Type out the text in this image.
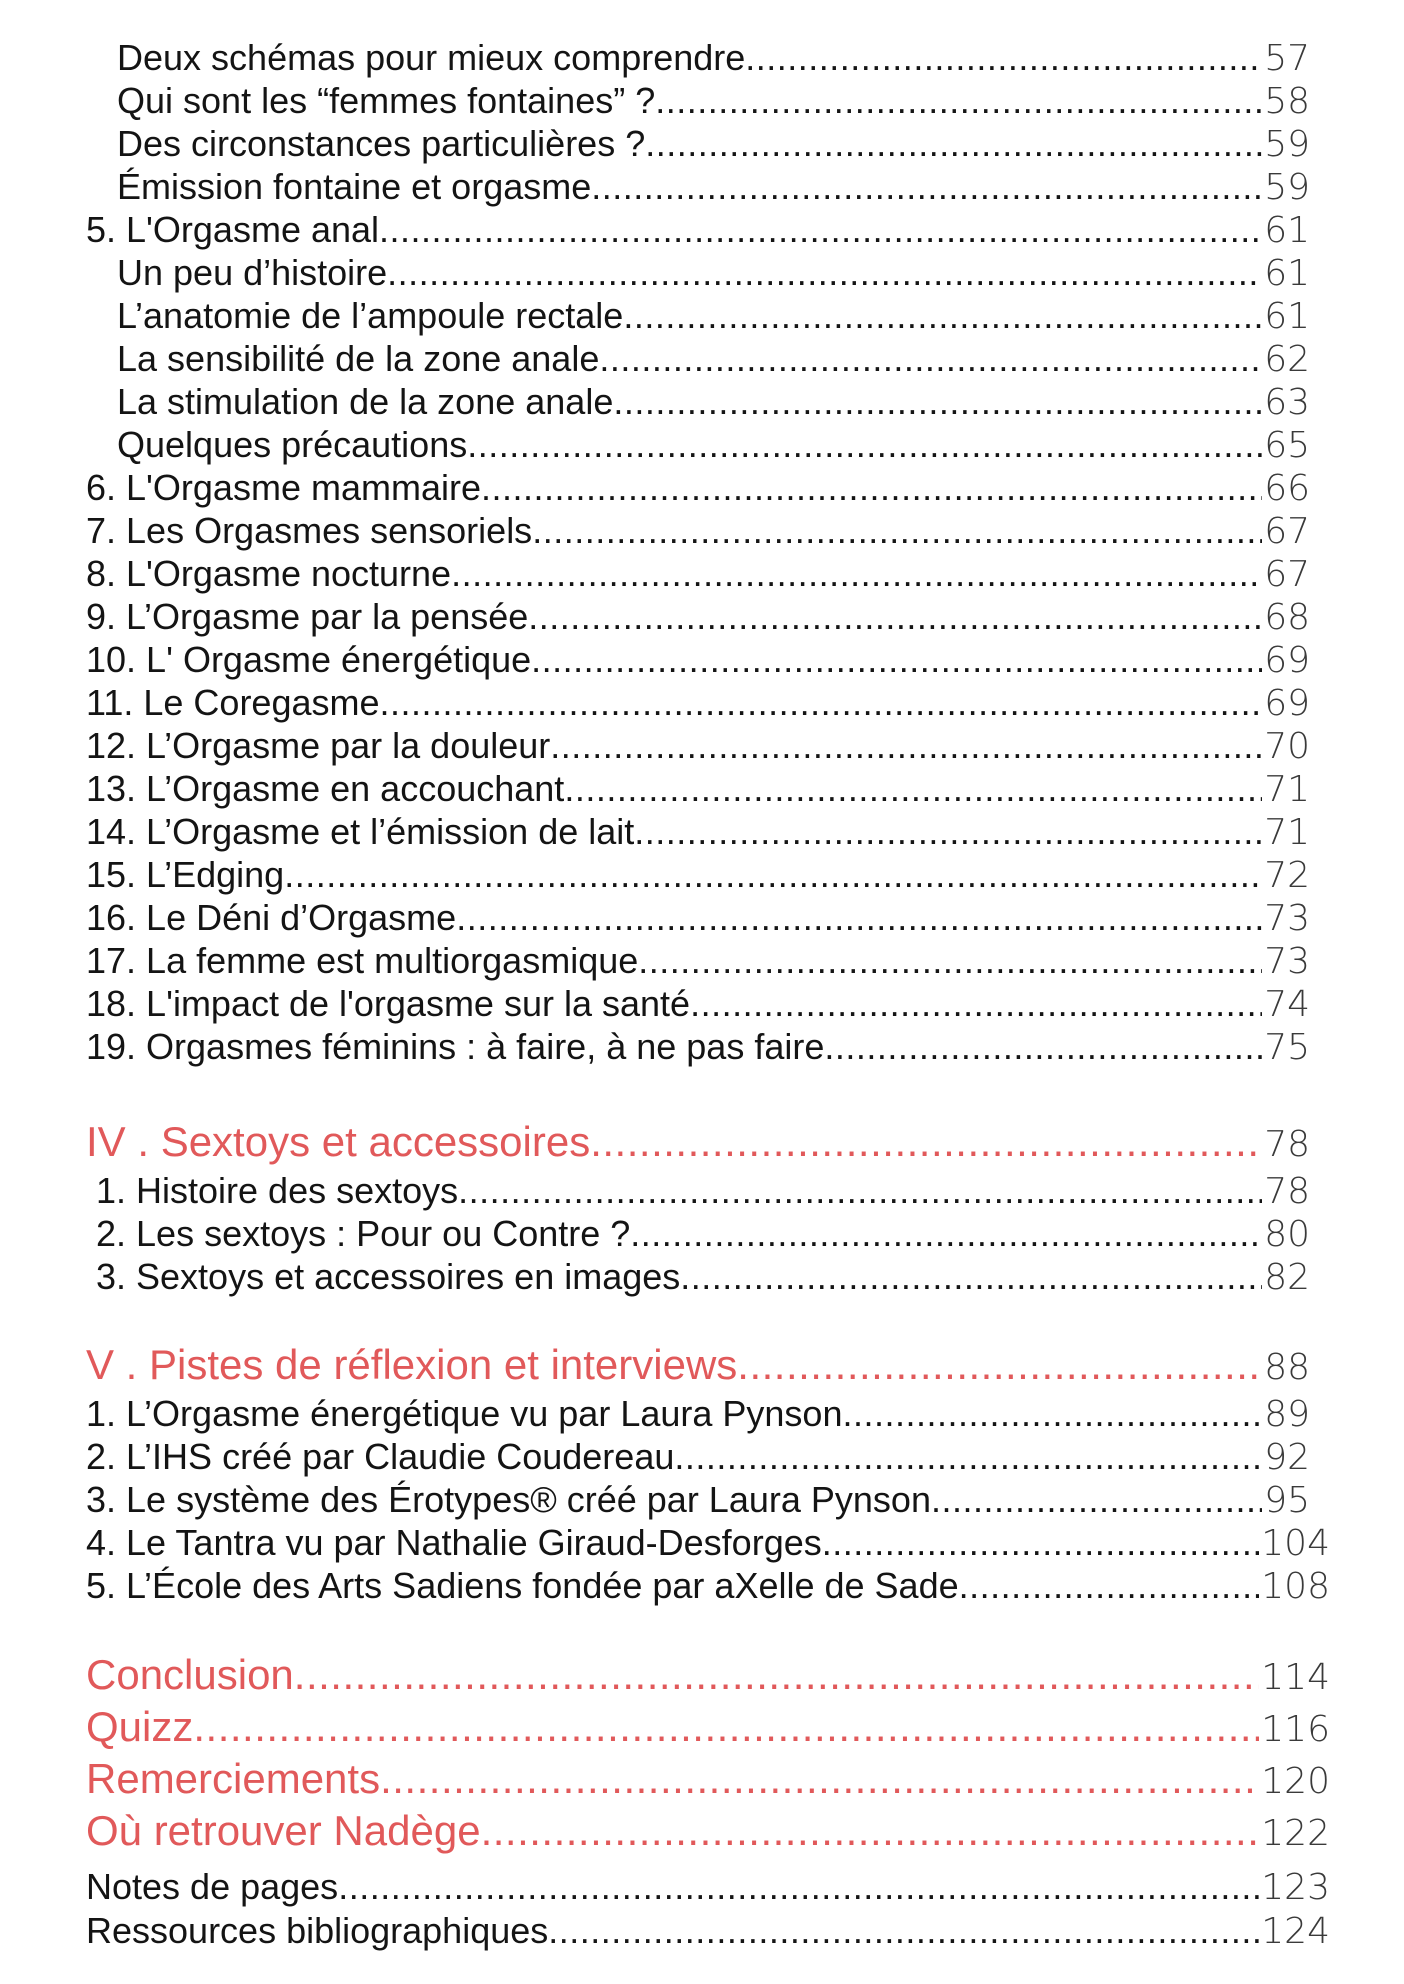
Deux schémas pour mieux comprendre .....	57
Qui sont les “femmes fontaines” ? .....	58
Des circonstances particulières ? .....	59
Émission fontaine et orgasme .....	59
5. L'Orgasme anal .....	61
Un peu d’histoire .....	61
L’anatomie de l’ampoule rectale .....	61
La sensibilité de la zone anale .....	62
La stimulation de la zone anale .....	63
Quelques précautions .....	65
6. L'Orgasme mammaire .....	66
7. Les Orgasmes sensoriels .....	67
8. L'Orgasme nocturne .....	67
9. L’Orgasme par la pensée .....	68
10. L' Orgasme énergétique .....	69
11. Le Coregasme .....	69
12. L’Orgasme par la douleur .....	70
13. L’Orgasme en accouchant .....	71
14. L’Orgasme et l’émission de lait .....	71
15. L’Edging .....	72
16. Le Déni d’Orgasme .....	73
17. La femme est multiorgasmique .....	73
18. L'impact de l'orgasme sur la santé .....	74
19. Orgasmes féminins : à faire, à ne pas faire .....	75
IV . Sextoys et accessoires .....	78
1. Histoire des sextoys .....	78
2. Les sextoys : Pour ou Contre ? .....	80
3. Sextoys et accessoires en images .....	82
V . Pistes de réflexion et interviews .....	88
1. L’Orgasme énergétique vu par Laura Pynson .....	89
2. L’IHS créé par Claudie Coudereau .....	92
3. Le système des Érotypes® créé par Laura Pynson .....	95
4. Le Tantra vu par Nathalie Giraud-Desforges .....	104
5. L’École des Arts Sadiens fondée par aXelle de Sade .....	108
Conclusion .....	114
Quizz .....	116
Remerciements .....	120
Où retrouver Nadège .....	122
Notes de pages .....	123
Ressources bibliographiques .....	124
